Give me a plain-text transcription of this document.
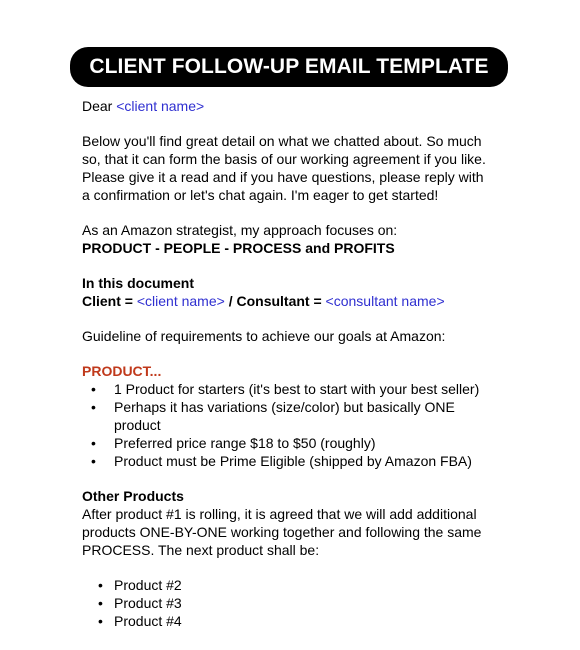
CLIENT FOLLOW-UP EMAIL TEMPLATE
Dear <client name>
Below you'll find great detail on what we chatted about. So much
so, that it can form the basis of our working agreement if you like.
Please give it a read and if you have questions, please reply with
a confirmation or let's chat again. I'm eager to get started!
As an Amazon strategist, my approach focuses on:
PRODUCT - PEOPLE - PROCESS and PROFITS
In this document
Client = <client name> / Consultant = <consultant name>
Guideline of requirements to achieve our goals at Amazon:
PRODUCT...
• 1 Product for starters (it's best to start with your best seller)
• Perhaps it has variations (size/color) but basically ONE
product
• Preferred price range $18 to $50 (roughly)
• Product must be Prime Eligible (shipped by Amazon FBA)
Other Products
After product #1 is rolling, it is agreed that we will add additional
products ONE-BY-ONE working together and following the same
PROCESS. The next product shall be:
• Product #2
• Product #3
• Product #4
